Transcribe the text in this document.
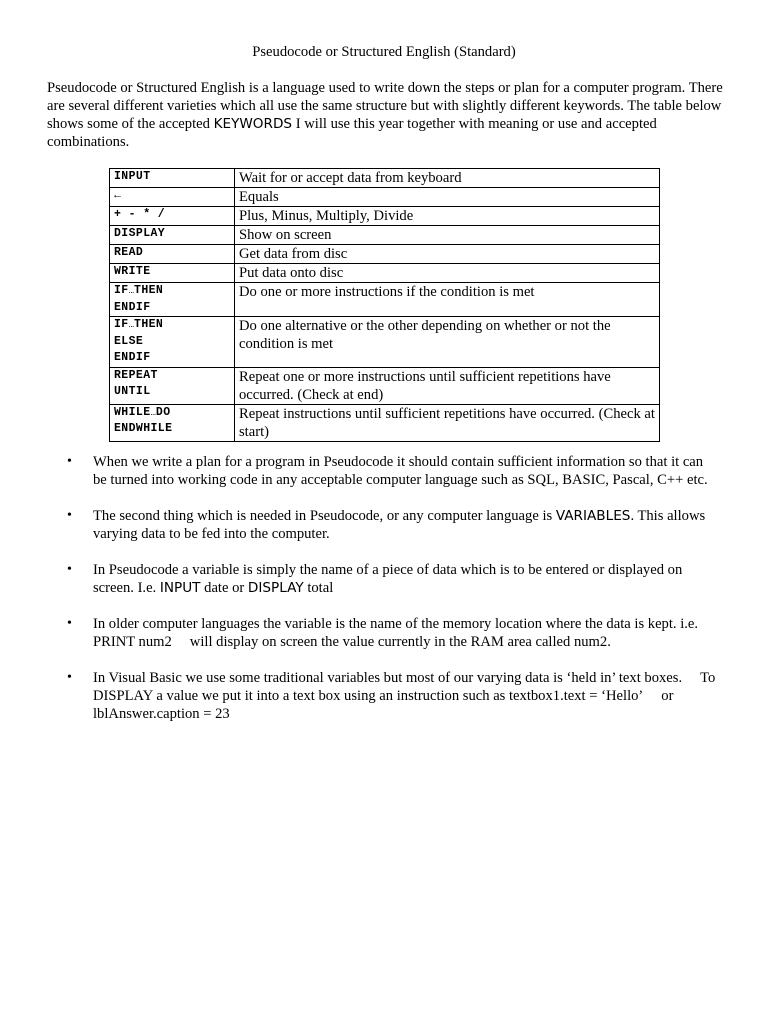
Pseudocode or Structured English (Standard)

Pseudocode or Structured English is a language used to write down the steps or plan for a computer program. There are several different varieties which all use the same structure but with slightly different keywords. The table below shows some of the accepted KEYWORDS I will use this year together with meaning or use and accepted combinations.

INPUT	Wait for or accept data from keyboard

←	Equals

+ - * /	Plus, Minus, Multiply, Divide

DISPLAY	Show on screen

READ	Get data from disc

WRITE	Put data onto disc

IF…THEN
ENDIF	Do one or more instructions if the condition is met

IF…THEN
ELSE
ENDIF	Do one alternative or the other depending on whether or not the condition is met

REPEAT
UNTIL	Repeat one or more instructions until sufficient repetitions have occurred. (Check at end)

WHILE…DO
ENDWHILE	Repeat instructions until sufficient repetitions have occurred. (Check at start)
• When we write a plan for a program in Pseudocode it should contain sufficient information so that it can be turned into working code in any acceptable computer language such as SQL, BASIC, Pascal, C++ etc.
• The second thing which is needed in Pseudocode, or any computer language is VARIABLES. This allows varying data to be fed into the computer.
• In Pseudocode a variable is simply the name of a piece of data which is to be entered or displayed on screen. I.e. INPUT date or DISPLAY total
• In older computer languages the variable is the name of the memory location where the data is kept. i.e. PRINT num2 will display on screen the value currently in the RAM area called num2.
• In Visual Basic we use some traditional variables but most of our varying data is ‘held in’ text boxes. To DISPLAY a value we put it into a text box using an instruction such as textbox1.text = ‘Hello’ orlblAnswer.caption = 23
